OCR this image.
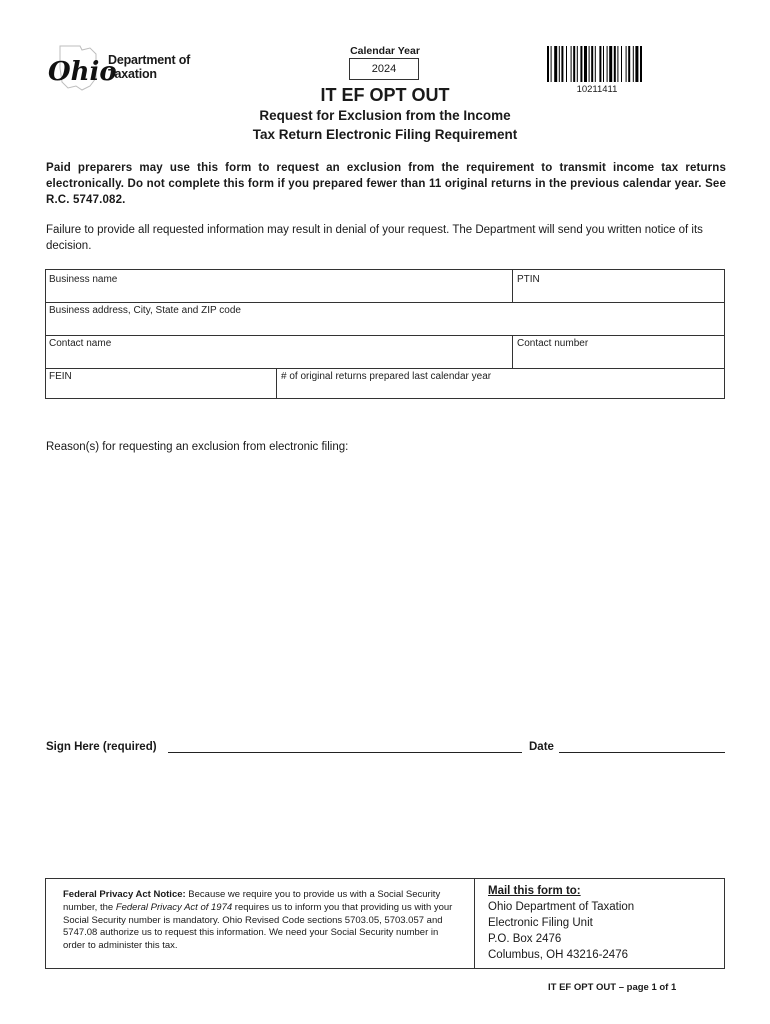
Ohio
Department of
Taxation
Calendar Year
2024
10211411
IT EF OPT OUT
Request for Exclusion from the Income
Tax Return Electronic Filing Requirement
Paid preparers may use this form to request an exclusion from the requirement to transmit income tax returns electronically. Do not complete this form if you prepared fewer than 11 original returns in the previous calendar year. See R.C. 5747.082.
Failure to provide all requested information may result in denial of your request. The Department will send you written notice of its decision.
Business name	PTIN
Business address, City, State and ZIP code
Contact name	Contact number
FEIN	# of original returns prepared last calendar year
Reason(s) for requesting an exclusion from electronic filing:
Sign Here (required)	Date
Federal Privacy Act Notice: Because we require you to provide us with a Social Security number, the Federal Privacy Act of 1974 requires us to inform you that providing us with your Social Security number is mandatory. Ohio Revised Code sections 5703.05, 5703.057 and 5747.08 authorize us to request this information. We need your Social Security number in order to administer this tax.
Mail this form to:
Ohio Department of Taxation
Electronic Filing Unit
P.O. Box 2476
Columbus, OH 43216-2476
IT EF OPT OUT – page 1 of 1
